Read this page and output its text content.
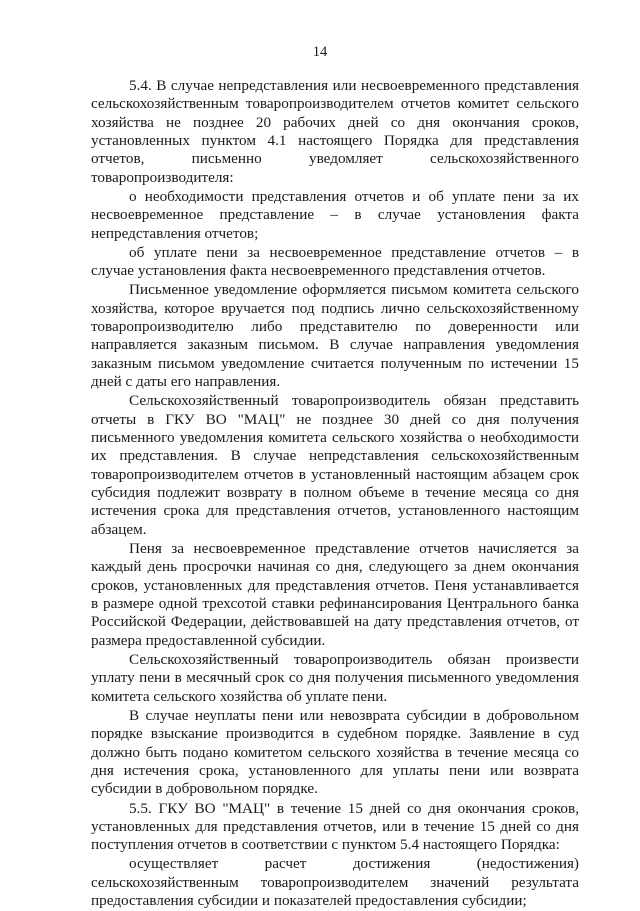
14

5.4. В случае непредставления или несвоевременного представления сельскохозяйственным товаропроизводителем отчетов комитет сельского хозяйства не позднее 20 рабочих дней со дня окончания сроков, установленных пунктом 4.1 настоящего Порядка для представления отчетов, письменно уведомляет сельскохозяйственного товаропроизводителя:

о необходимости представления отчетов и об уплате пени за их несвоевременное представление – в случае установления факта непредставления отчетов;

об уплате пени за несвоевременное представление отчетов – в случае установления факта несвоевременного представления отчетов.

Письменное уведомление оформляется письмом комитета сельского хозяйства, которое вручается под подпись лично сельскохозяйственному товаропроизводителю либо представителю по доверенности или направляется заказным письмом. В случае направления уведомления заказным письмом уведомление считается полученным по истечении 15 дней с даты его направления.

Сельскохозяйственный товаропроизводитель обязан представить отчеты в ГКУ ВО "МАЦ" не позднее 30 дней со дня получения письменного уведомления комитета сельского хозяйства о необходимости их представления. В случае непредставления сельскохозяйственным товаропроизводителем отчетов в установленный настоящим абзацем срок субсидия подлежит возврату в полном объеме в течение месяца со дня истечения срока для представления отчетов, установленного настоящим абзацем.

Пеня за несвоевременное представление отчетов начисляется за каждый день просрочки начиная со дня, следующего за днем окончания сроков, установленных для представления отчетов. Пеня устанавливается в размере одной трехсотой ставки рефинансирования Центрального банка Российской Федерации, действовавшей на дату представления отчетов, от размера предоставленной субсидии.

Сельскохозяйственный товаропроизводитель обязан произвести уплату пени в месячный срок со дня получения письменного уведомления комитета сельского хозяйства об уплате пени.

В случае неуплаты пени или невозврата субсидии в добровольном порядке взыскание производится в судебном порядке. Заявление в суд должно быть подано комитетом сельского хозяйства в течение месяца со дня истечения срока, установленного для уплаты пени или возврата субсидии в добровольном порядке.

5.5. ГКУ ВО "МАЦ" в течение 15 дней со дня окончания сроков, установленных для представления отчетов, или в течение 15 дней со дня поступления отчетов в соответствии с пунктом 5.4 настоящего Порядка:

осуществляет расчет достижения (недостижения) сельскохозяйственным товаропроизводителем значений результата предоставления субсидии и показателей предоставления субсидии;
